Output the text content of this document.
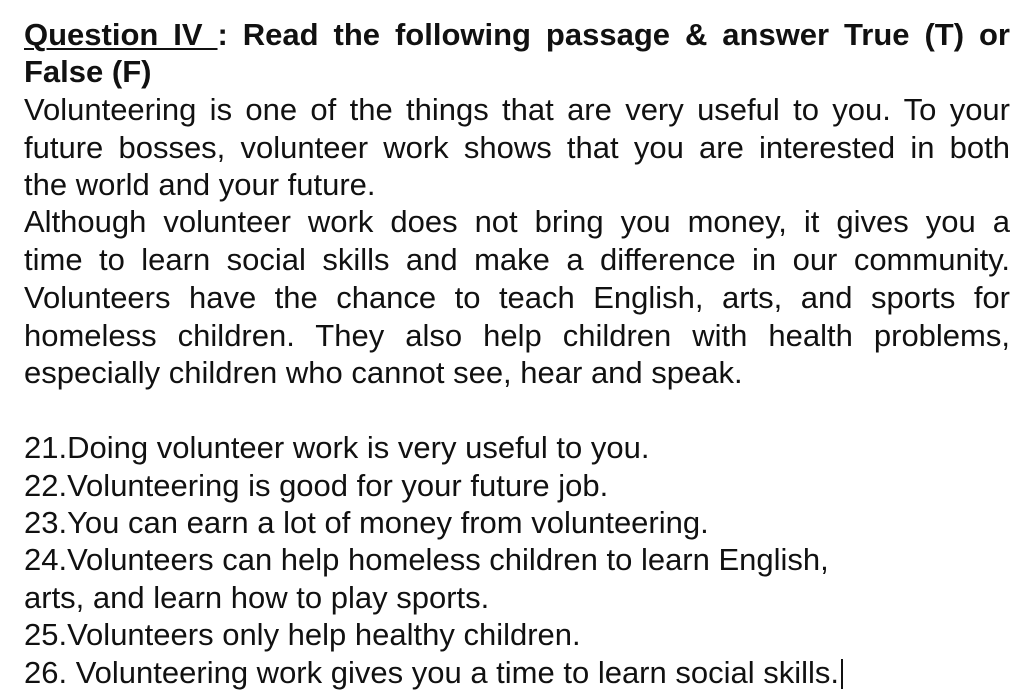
Question IV : Read the following passage & answer True (T) or
False (F)
Volunteering is one of the things that are very useful to you. To your
future bosses, volunteer work shows that you are interested in both
the world and your future.
Although volunteer work does not bring you money, it gives you a
time to learn social skills and make a difference in our community.
Volunteers have the chance to teach English, arts, and sports for
homeless children. They also help children with health problems,
especially children who cannot see, hear and speak.
21.Doing volunteer work is very useful to you.
22.Volunteering is good for your future job.
23.You can earn a lot of money from volunteering.
24.Volunteers can help homeless children to learn English,
arts, and learn how to play sports.
25.Volunteers only help healthy children.
26. Volunteering work gives you a time to learn social skills.
